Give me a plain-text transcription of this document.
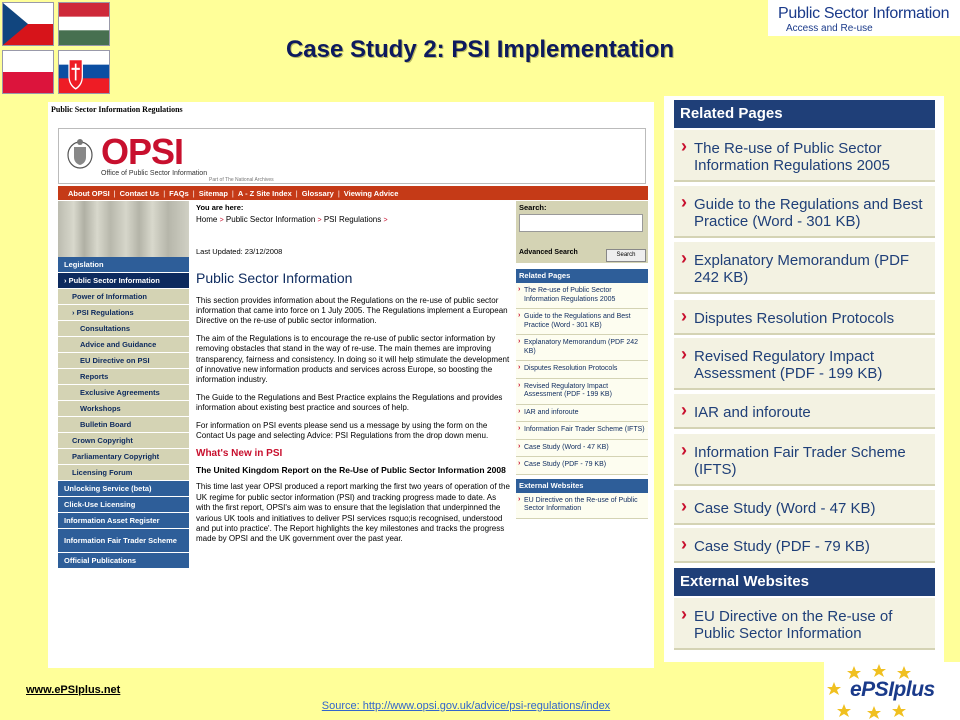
Public Sector Information
Access and Re-use
Case Study 2: PSI Implementation
Public Sector Information Regulations
OPSI
Office of Public Sector Information
Part of The National Archives
About OPSI | Contact Us | FAQs | Sitemap | A - Z Site Index | Glossary | Viewing Advice
Legislation
› Public Sector Information
Power of Information
› PSI Regulations
Consultations
Advice and Guidance
EU Directive on PSI
Reports
Exclusive Agreements
Workshops
Bulletin Board
Crown Copyright
Parliamentary Copyright
Licensing Forum
Unlocking Service (beta)
Click-Use Licensing
Information Asset Register
Information Fair Trader Scheme
Official Publications
You are here:
Home > Public Sector Information > PSI Regulations >
Last Updated: 23/12/2008
Public Sector Information

This section provides information about the Regulations on the re-use of public sector information that came into force on 1 July 2005. The Regulations implement a European Directive on the re-use of public sector information.

The aim of the Regulations is to encourage the re-use of public sector information by removing obstacles that stand in the way of re-use. The main themes are improving transparency, fairness and consistency. In doing so it will help stimulate the development of innovative new information products and services across Europe, so boosting the information industry.

The Guide to the Regulations and Best Practice explains the Regulations and provides information about existing best practice and sources of help.

For information on PSI events please send us a message by using the form on the Contact Us page and selecting Advice: PSI Regulations from the drop down menu.

What's New in PSI
The United Kingdom Report on the Re-Use of Public Sector Information 2008

This time last year OPSI produced a report marking the first two years of operation of the UK regime for public sector information (PSI) and tracking progress made to date. As with the first report, OPSI's aim was to ensure that the legislation that underpinned the various UK tools and initiatives to deliver PSI services rsquo;is recognised, understood and put into practice'. The Report highlights the key milestones and tracks the progress made by OPSI and the UK government over the past year.

Search:
Advanced Search	Search
Related Pages
› The Re-use of Public Sector Information Regulations 2005
› Guide to the Regulations and Best Practice (Word - 301 KB)
› Explanatory Memorandum (PDF 242 KB)
› Disputes Resolution Protocols
› Revised Regulatory Impact Assessment (PDF - 199 KB)
› IAR and inforoute
› Information Fair Trader Scheme (IFTS)
› Case Study (Word - 47 KB)
› Case Study (PDF - 79 KB)
External Websites
› EU Directive on the Re-use of Public Sector Information
Related Pages
› The Re-use of Public Sector Information Regulations 2005
› Guide to the Regulations and Best Practice (Word - 301 KB)
› Explanatory Memorandum (PDF 242 KB)
› Disputes Resolution Protocols
› Revised Regulatory Impact Assessment (PDF - 199 KB)
› IAR and inforoute
› Information Fair Trader Scheme (IFTS)
› Case Study (Word - 47 KB)
› Case Study (PDF - 79 KB)
External Websites
› EU Directive on the Re-use of Public Sector Information
www.ePSIplus.net
Source: http://www.opsi.gov.uk/advice/psi-regulations/index
ePSIplus
